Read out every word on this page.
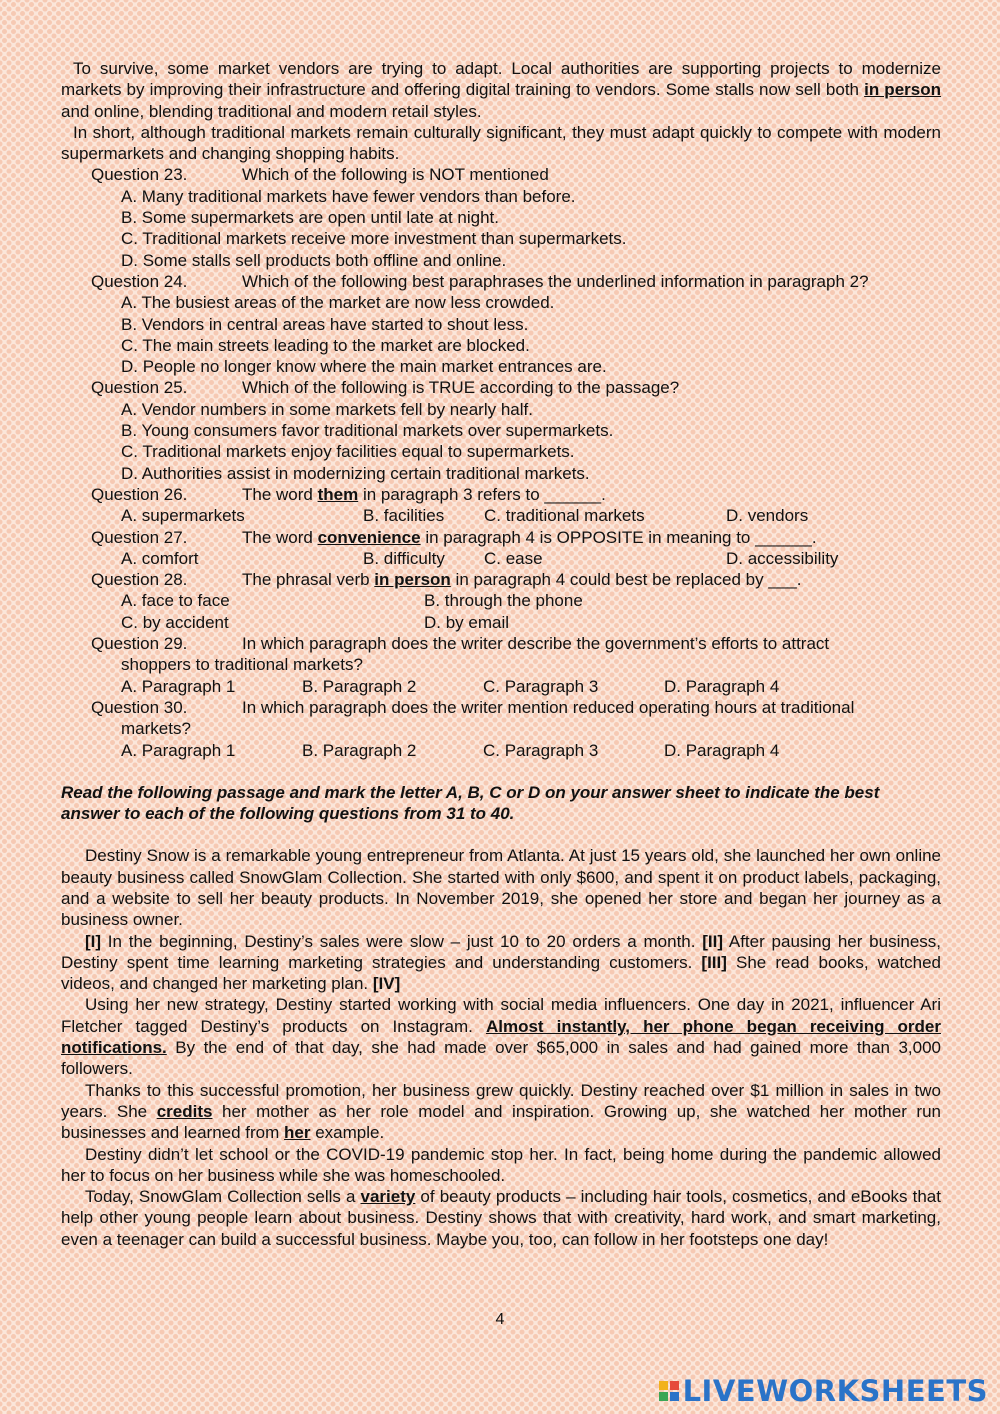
To survive, some market vendors are trying to adapt. Local authorities are supporting projects to modernize markets by improving their infrastructure and offering digital training to vendors. Some stalls now sell both in person and online, blending traditional and modern retail styles.

In short, although traditional markets remain culturally significant, they must adapt quickly to compete with modern supermarkets and changing shopping habits.

Question 23.	Which of the following is NOT mentioned

A. Many traditional markets have fewer vendors than before.

B. Some supermarkets are open until late at night.

C. Traditional markets receive more investment than supermarkets.

D. Some stalls sell products both offline and online.

Question 24.	Which of the following best paraphrases the underlined information in paragraph 2?

A. The busiest areas of the market are now less crowded.

B. Vendors in central areas have started to shout less.

C. The main streets leading to the market are blocked.

D. People no longer know where the main market entrances are.

Question 25.	Which of the following is TRUE according to the passage?

A. Vendor numbers in some markets fell by nearly half.

B. Young consumers favor traditional markets over supermarkets.

C. Traditional markets enjoy facilities equal to supermarkets.

D. Authorities assist in modernizing certain traditional markets.

Question 26.	The word them in paragraph 3 refers to ______.

A. supermarkets	B. facilities	C. traditional markets	D. vendors

Question 27.	The word convenience in paragraph 4 is OPPOSITE in meaning to ______.

A. comfort	B. difficulty	C. ease	D. accessibility

Question 28.	The phrasal verb in person in paragraph 4 could best be replaced by ___.

A. face to face	B. through the phone
C. by accident	D. by email

Question 29.	In which paragraph does the writer describe the government’s efforts to attract

shoppers to traditional markets?

A. Paragraph 1	B. Paragraph 2	C. Paragraph 3	D. Paragraph 4

Question 30.	In which paragraph does the writer mention reduced operating hours at traditional

markets?

A. Paragraph 1	B. Paragraph 2	C. Paragraph 3	D. Paragraph 4

Read the following passage and mark the letter A, B, C or D on your answer sheet to indicate the best answer to each of the following questions from 31 to 40.

Destiny Snow is a remarkable young entrepreneur from Atlanta. At just 15 years old, she launched her own online beauty business called SnowGlam Collection. She started with only $600, and spent it on product labels, packaging, and a website to sell her beauty products. In November 2019, she opened her store and began her journey as a business owner.

[I] In the beginning, Destiny’s sales were slow – just 10 to 20 orders a month. [II] After pausing her business, Destiny spent time learning marketing strategies and understanding customers. [III] She read books, watched videos, and changed her marketing plan. [IV]

Using her new strategy, Destiny started working with social media influencers. One day in 2021, influencer Ari Fletcher tagged Destiny’s products on Instagram. Almost instantly, her phone began receiving order notifications. By the end of that day, she had made over $65,000 in sales and had gained more than 3,000 followers.

Thanks to this successful promotion, her business grew quickly. Destiny reached over $1 million in sales in two years. She credits her mother as her role model and inspiration. Growing up, she watched her mother run businesses and learned from her example.

Destiny didn’t let school or the COVID-19 pandemic stop her. In fact, being home during the pandemic allowed her to focus on her business while she was homeschooled.

Today, SnowGlam Collection sells a variety of beauty products – including hair tools, cosmetics, and eBooks that help other young people learn about business. Destiny shows that with creativity, hard work, and smart marketing, even a teenager can build a successful business. Maybe you, too, can follow in her footsteps one day!

4
LIVEWORKSHEETS
